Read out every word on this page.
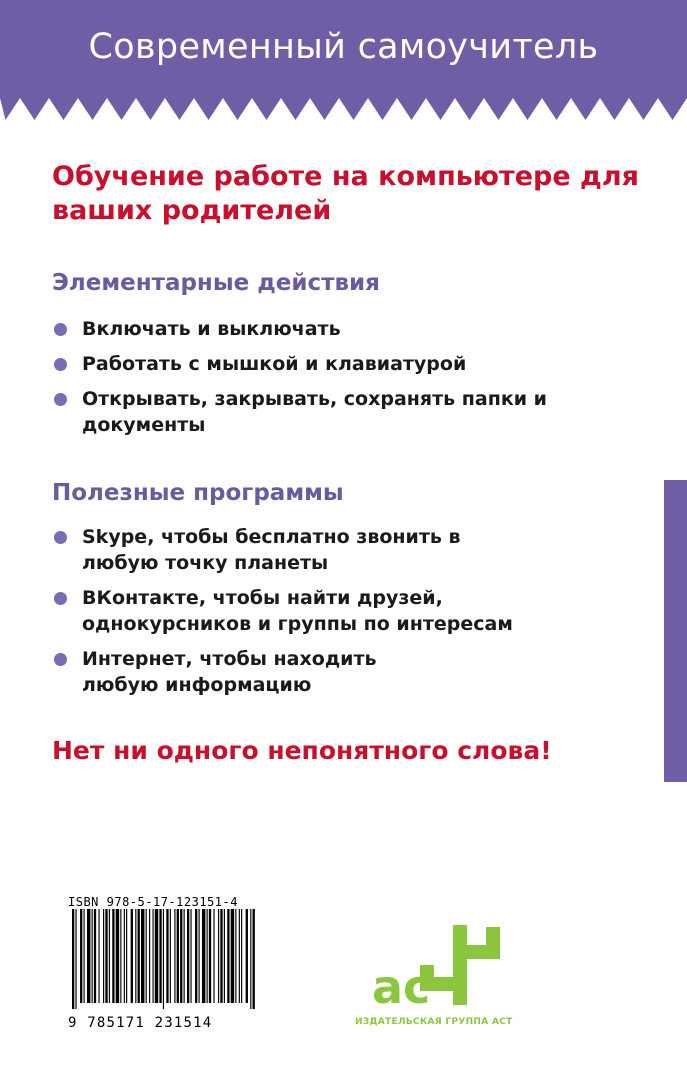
Современный самоучитель
Обучение работе на компьютере для ваших родителей
Элементарные действия
Включать и выключать
Работать с мышкой и клавиатурой
Открывать, закрывать, сохранять папки и документы
Полезные программы
Skype, чтобы бесплатно звонить в любую точку планеты
ВКонтакте, чтобы найти друзей, однокурсников и группы по интересам
Интернет, чтобы находить любую информацию
Нет ни одного непонятного слова!
ISBN 978-5-17-123151-4
9 785171 231514
ас
ИЗДАТЕЛЬСКАЯ ГРУППА АСТ
